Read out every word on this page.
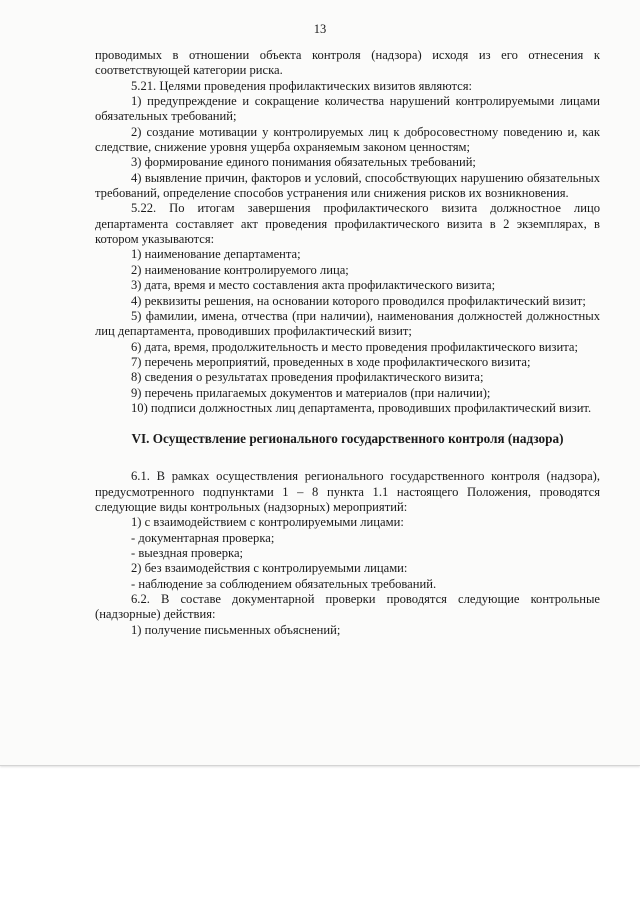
13

проводимых в отношении объекта контроля (надзора) исходя из его отнесения к соответствующей категории риска.

5.21. Целями проведения профилактических визитов являются:

1) предупреждение и сокращение количества нарушений контролируемыми лицами обязательных требований;

2) создание мотивации у контролируемых лиц к добросовестному поведению и, как следствие, снижение уровня ущерба охраняемым законом ценностям;

3) формирование единого понимания обязательных требований;

4) выявление причин, факторов и условий, способствующих нарушению обязательных требований, определение способов устранения или снижения рисков их возникновения.

5.22. По итогам завершения профилактического визита должностное лицо департамента составляет акт проведения профилактического визита в 2 экземплярах, в котором указываются:

1) наименование департамента;

2) наименование контролируемого лица;

3) дата, время и место составления акта профилактического визита;

4) реквизиты решения, на основании которого проводился профилактический визит;

5) фамилии, имена, отчества (при наличии), наименования должностей должностных лиц департамента, проводивших профилактический визит;

6) дата, время, продолжительность и место проведения профилактического визита;

7) перечень мероприятий, проведенных в ходе профилактического визита;

8) сведения о результатах проведения профилактического визита;

9) перечень прилагаемых документов и материалов (при наличии);

10) подписи должностных лиц департамента, проводивших профилактический визит.

VI. Осуществление регионального государственного контроля (надзора)

6.1. В рамках осуществления регионального государственного контроля (надзора), предусмотренного подпунктами 1 – 8 пункта 1.1 настоящего Положения, проводятся следующие виды контрольных (надзорных) мероприятий:

1) с взаимодействием с контролируемыми лицами:

- документарная проверка;

- выездная проверка;

2) без взаимодействия с контролируемыми лицами:

- наблюдение за соблюдением обязательных требований.

6.2. В составе документарной проверки проводятся следующие контрольные (надзорные) действия:

1) получение письменных объяснений;
